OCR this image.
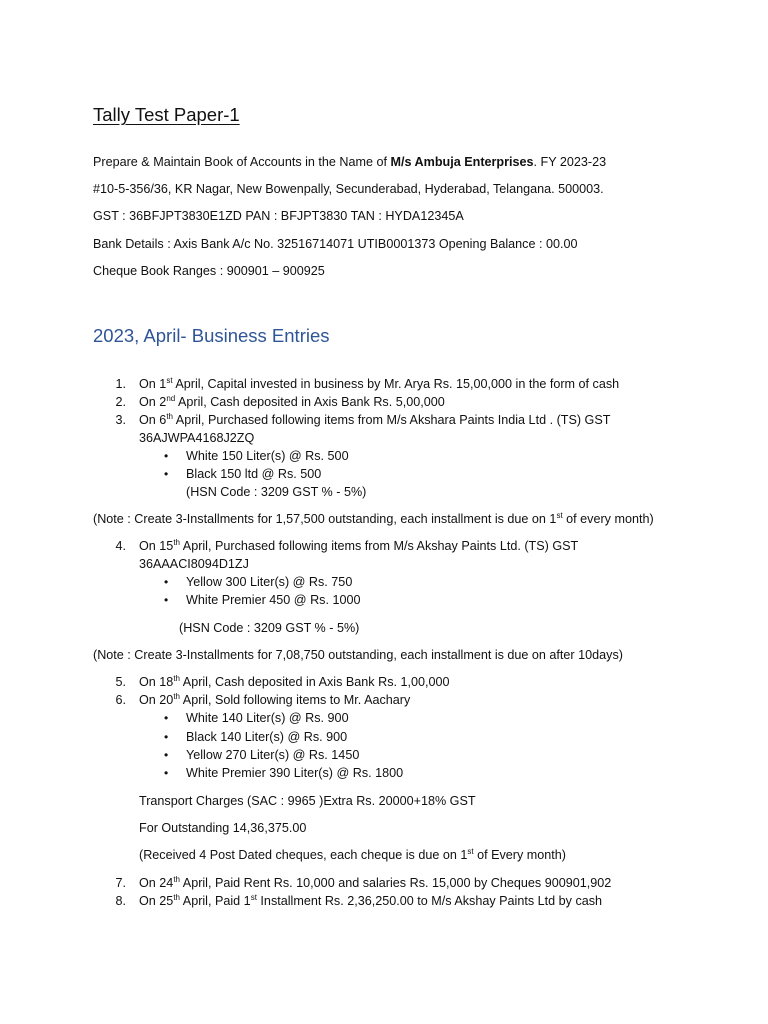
Tally Test Paper-1
Prepare & Maintain Book of Accounts in the Name of M/s Ambuja Enterprises. FY 2023-23
#10-5-356/36, KR Nagar, New Bowenpally, Secunderabad, Hyderabad, Telangana. 500003.
GST : 36BFJPT3830E1ZD PAN : BFJPT3830 TAN : HYDA12345A
Bank Details : Axis Bank A/c No. 32516714071 UTIB0001373 Opening Balance : 00.00
Cheque Book Ranges : 900901 – 900925
2023, April- Business Entries
1. On 1st April, Capital invested in business by Mr. Arya Rs. 15,00,000 in the form of cash
2. On 2nd April, Cash deposited in Axis Bank Rs. 5,00,000
3. On 6th April, Purchased following items from M/s Akshara Paints India Ltd . (TS) GST
36AJWPA4168J2ZQ
• White 150 Liter(s) @ Rs. 500
• Black 150 ltd @ Rs. 500
(HSN Code : 3209 GST % - 5%)
(Note : Create 3-Installments for 1,57,500 outstanding, each installment is due on 1st of every month)
4. On 15th April, Purchased following items from M/s Akshay Paints Ltd. (TS) GST
36AAACI8094D1ZJ
• Yellow 300 Liter(s) @ Rs. 750
• White Premier 450 @ Rs. 1000
(HSN Code : 3209 GST % - 5%)
(Note : Create 3-Installments for 7,08,750 outstanding, each installment is due on after 10days)
5. On 18th April, Cash deposited in Axis Bank Rs. 1,00,000
6. On 20th April, Sold following items to Mr. Aachary
• White 140 Liter(s) @ Rs. 900
• Black 140 Liter(s) @ Rs. 900
• Yellow 270 Liter(s) @ Rs. 1450
• White Premier 390 Liter(s) @ Rs. 1800
Transport Charges (SAC : 9965 )Extra Rs. 20000+18% GST
For Outstanding 14,36,375.00
(Received 4 Post Dated cheques, each cheque is due on 1st of Every month)
7. On 24th April, Paid Rent Rs. 10,000 and salaries Rs. 15,000 by Cheques 900901,902
8. On 25th April, Paid 1st Installment Rs. 2,36,250.00 to M/s Akshay Paints Ltd by cash
